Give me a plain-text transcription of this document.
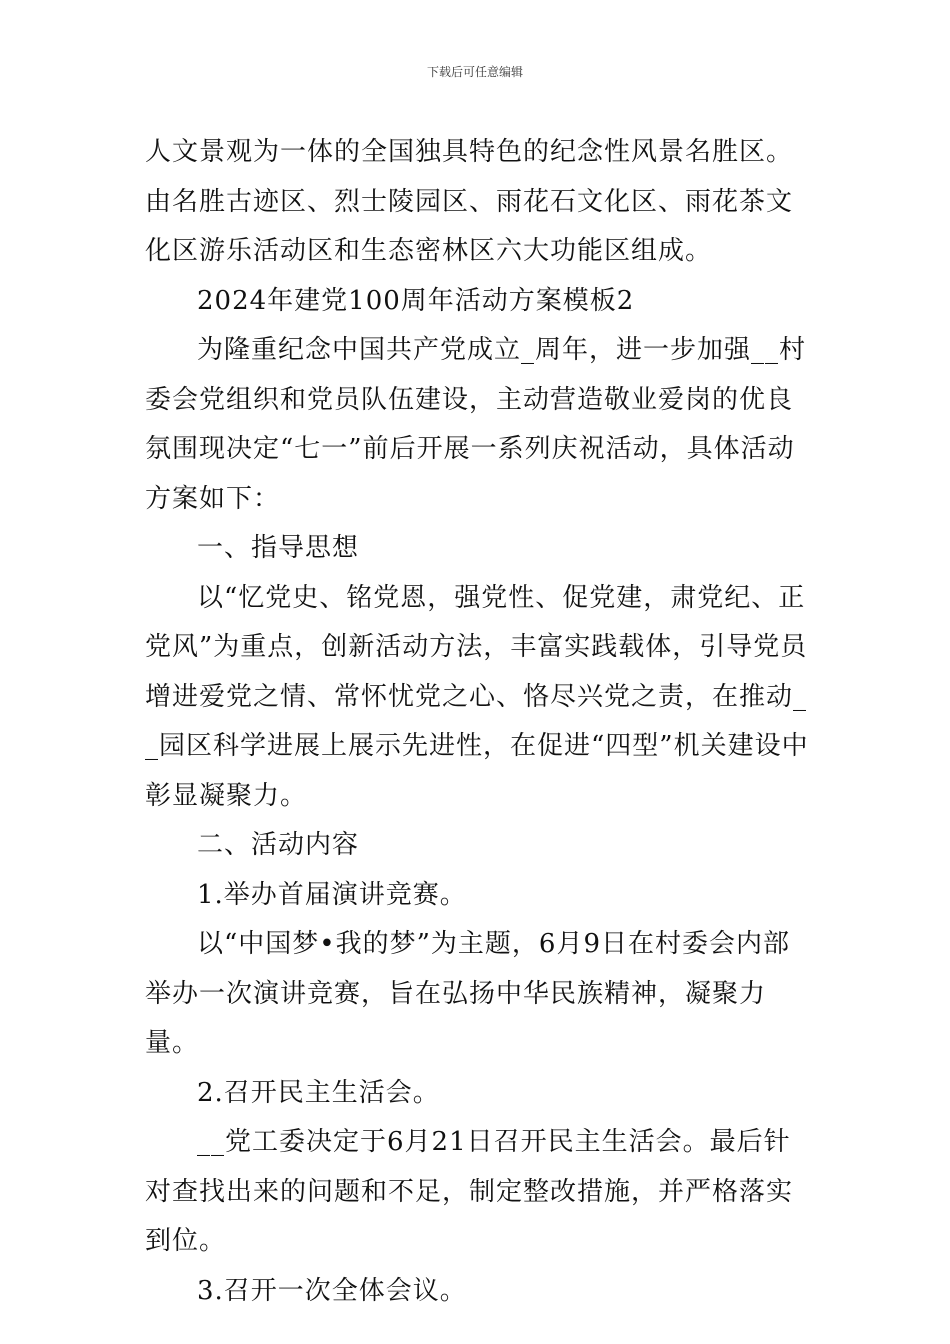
下载后可任意编辑

人文景观为一体的全国独具特色的纪念性风景名胜区。由名胜古迹区、烈士陵园区、雨花石文化区、雨花茶文化区游乐活动区和生态密林区六大功能区组成。

2024年建党100周年活动方案模板2

为隆重纪念中国共产党成立_周年，进一步加强__村委会党组织和党员队伍建设，主动营造敬业爱岗的优良氛围现决定“七一”前后开展一系列庆祝活动，具体活动方案如下：

一、指导思想

以“忆党史、铭党恩，强党性、促党建，肃党纪、正党风”为重点，创新活动方法，丰富实践载体，引导党员增进爱党之情、常怀忧党之心、恪尽兴党之责，在推动__园区科学进展上展示先进性，在促进“四型”机关建设中彰显凝聚力。

二、活动内容

1.举办首届演讲竞赛。

以“中国梦•我的梦”为主题，6月9日在村委会内部举办一次演讲竞赛，旨在弘扬中华民族精神，凝聚力量。

2.召开民主生活会。

__党工委决定于6月21日召开民主生活会。最后针对查找出来的问题和不足，制定整改措施，并严格落实到位。

3.召开一次全体会议。
